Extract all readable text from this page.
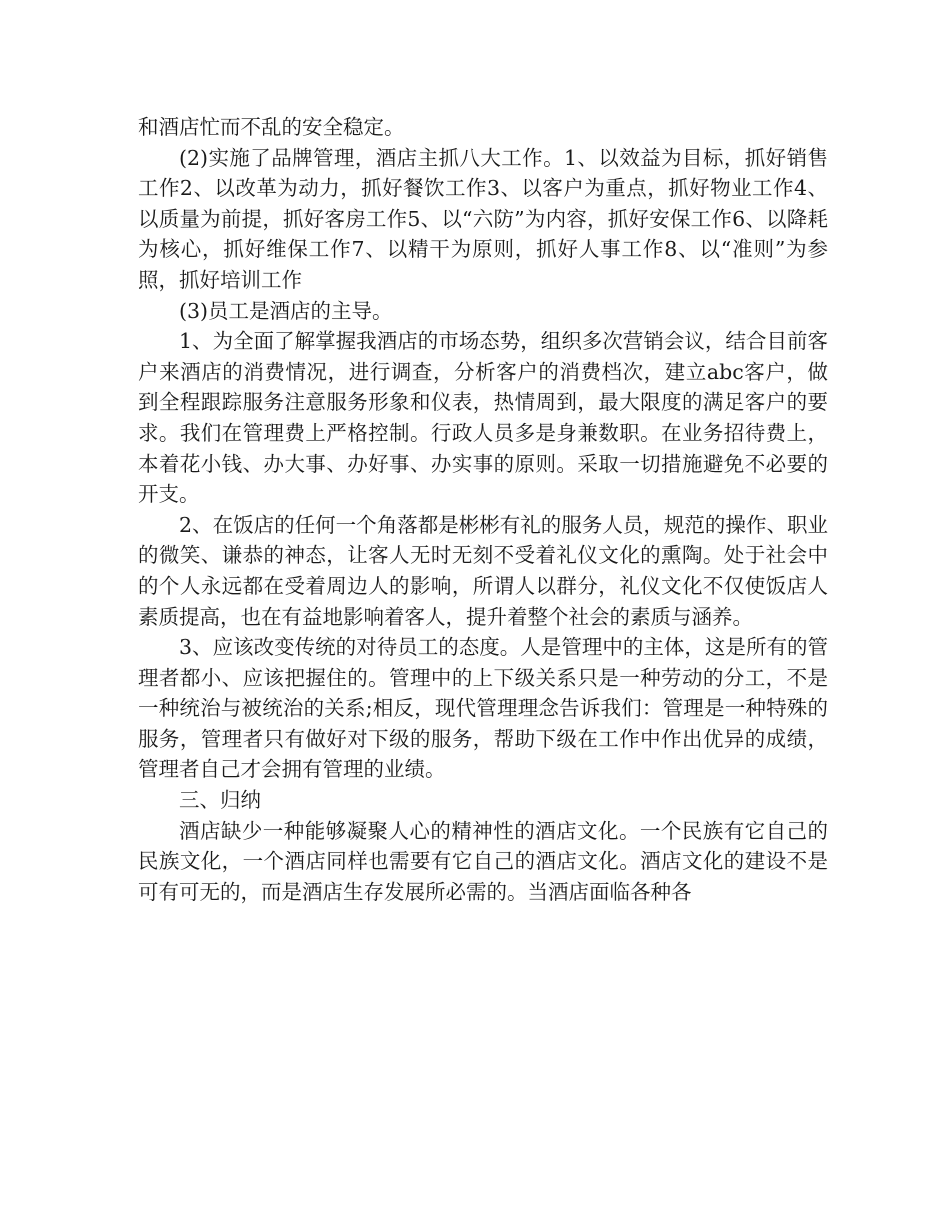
和酒店忙而不乱的安全稳定。

(2)实施了品牌管理，酒店主抓八大工作。1、以效益为目标，抓好销售工作2、以改革为动力，抓好餐饮工作3、以客户为重点，抓好物业工作4、以质量为前提，抓好客房工作5、以“六防”为内容，抓好安保工作6、以降耗为核心，抓好维保工作7、以精干为原则，抓好人事工作8、以“准则”为参照，抓好培训工作

(3)员工是酒店的主导。

1、为全面了解掌握我酒店的市场态势，组织多次营销会议，结合目前客户来酒店的消费情况，进行调查，分析客户的消费档次，建立abc客户，做到全程跟踪服务注意服务形象和仪表，热情周到，最大限度的满足客户的要求。我们在管理费上严格控制。行政人员多是身兼数职。在业务招待费上，本着花小钱、办大事、办好事、办实事的原则。采取一切措施避免不必要的开支。

2、在饭店的任何一个角落都是彬彬有礼的服务人员，规范的操作、职业的微笑、谦恭的神态，让客人无时无刻不受着礼仪文化的熏陶。处于社会中的个人永远都在受着周边人的影响，所谓人以群分，礼仪文化不仅使饭店人素质提高，也在有益地影响着客人，提升着整个社会的素质与涵养。

3、应该改变传统的对待员工的态度。人是管理中的主体，这是所有的管理者都小、应该把握住的。管理中的上下级关系只是一种劳动的分工，不是一种统治与被统治的关系;相反，现代管理理念告诉我们：管理是一种特殊的服务，管理者只有做好对下级的服务，帮助下级在工作中作出优异的成绩，管理者自己才会拥有管理的业绩。

三、归纳

酒店缺少一种能够凝聚人心的精神性的酒店文化。一个民族有它自己的民族文化，一个酒店同样也需要有它自己的酒店文化。酒店文化的建设不是可有可无的，而是酒店生存发展所必需的。当酒店面临各种各
